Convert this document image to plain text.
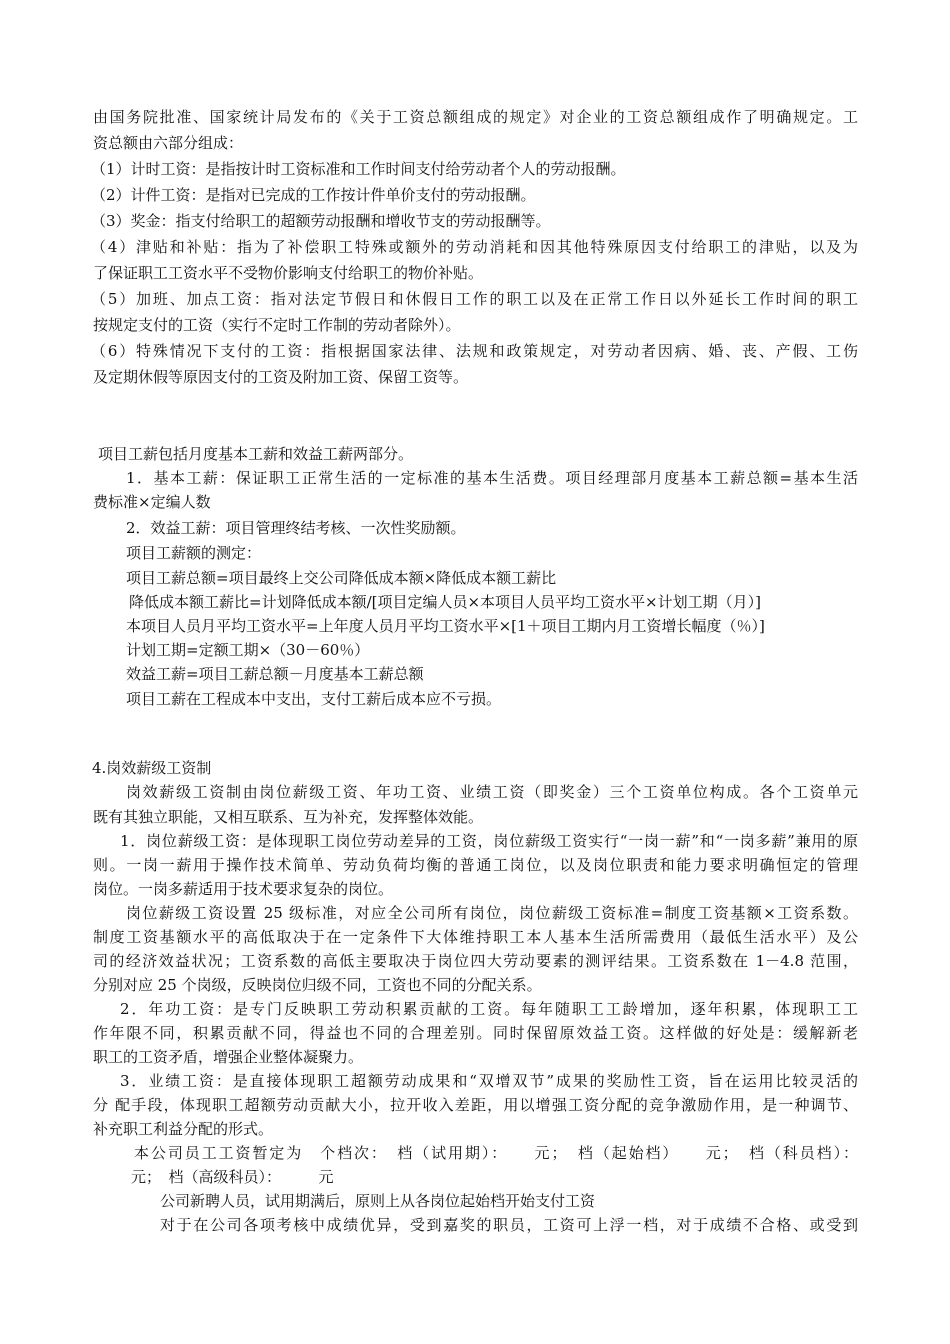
由国务院批准、国家统计局发布的《关于工资总额组成的规定》对企业的工资总额组成作了明确规定。工
资总额由六部分组成：
（1）计时工资：是指按计时工资标准和工作时间支付给劳动者个人的劳动报酬。
（2）计件工资：是指对已完成的工作按计件单价支付的劳动报酬。
（3）奖金：指支付给职工的超额劳动报酬和增收节支的劳动报酬等。
（4）津贴和补贴：指为了补偿职工特殊或额外的劳动消耗和因其他特殊原因支付给职工的津贴，以及为
了保证职工工资水平不受物价影响支付给职工的物价补贴。
（5）加班、加点工资：指对法定节假日和休假日工作的职工以及在正常工作日以外延长工作时间的职工
按规定支付的工资（实行不定时工作制的劳动者除外）。
（6）特殊情况下支付的工资：指根据国家法律、法规和政策规定，对劳动者因病、婚、丧、产假、工伤
及定期休假等原因支付的工资及附加工资、保留工资等。
项目工薪包括月度基本工薪和效益工薪两部分。
1．基本工薪：保证职工正常生活的一定标准的基本生活费。项目经理部月度基本工薪总额=基本生活
费标准×定编人数
2．效益工薪：项目管理终结考核、一次性奖励额。
项目工薪额的测定：
项目工薪总额=项目最终上交公司降低成本额×降低成本额工薪比
降低成本额工薪比=计划降低成本额/[项目定编人员×本项目人员平均工资水平×计划工期（月）]
本项目人员月平均工资水平=上年度人员月平均工资水平×[1＋项目工期内月工资增长幅度（％）]
计划工期=定额工期×（30－60％）
效益工薪=项目工薪总额－月度基本工薪总额
项目工薪在工程成本中支出，支付工薪后成本应不亏损。
4.岗效薪级工资制
岗效薪级工资制由岗位薪级工资、年功工资、业绩工资（即奖金）三个工资单位构成。各个工资单元
既有其独立职能，又相互联系、互为补充，发挥整体效能。
1．岗位薪级工资：是体现职工岗位劳动差异的工资，岗位薪级工资实行“一岗一薪”和“一岗多薪”兼用的原
则。一岗一薪用于操作技术简单、劳动负荷均衡的普通工岗位，以及岗位职责和能力要求明确恒定的管理
岗位。一岗多薪适用于技术要求复杂的岗位。
岗位薪级工资设置 25 级标准，对应全公司所有岗位，岗位薪级工资标准=制度工资基额×工资系数。
制度工资基额水平的高低取决于在一定条件下大体维持职工本人基本生活所需费用（最低生活水平）及公
司的经济效益状况；工资系数的高低主要取决于岗位四大劳动要素的测评结果。工资系数在 1－4.8 范围，
分别对应 25 个岗级，反映岗位归级不同，工资也不同的分配关系。
2．年功工资：是专门反映职工劳动积累贡献的工资。每年随职工工龄增加，逐年积累，体现职工工
作年限不同，积累贡献不同，得益也不同的合理差别。同时保留原效益工资。这样做的好处是：缓解新老
职工的工资矛盾，增强企业整体凝聚力。
3．业绩工资：是直接体现职工超额劳动成果和“双增双节”成果的奖励性工资，旨在运用比较灵活的
分 配手段，体现职工超额劳动贡献大小，拉开收入差距，用以增强工资分配的竞争激励作用，是一种调节、
补充职工利益分配的形式。
本公司员工工资暂定为　个档次：　档（试用期）：　　元；　档（起始档）　　元；　档（科员档）：
元；　档（高级科员）：　　　元
公司新聘人员，试用期满后，原则上从各岗位起始档开始支付工资
对于在公司各项考核中成绩优异，受到嘉奖的职员，工资可上浮一档，对于成绩不合格、或受到
